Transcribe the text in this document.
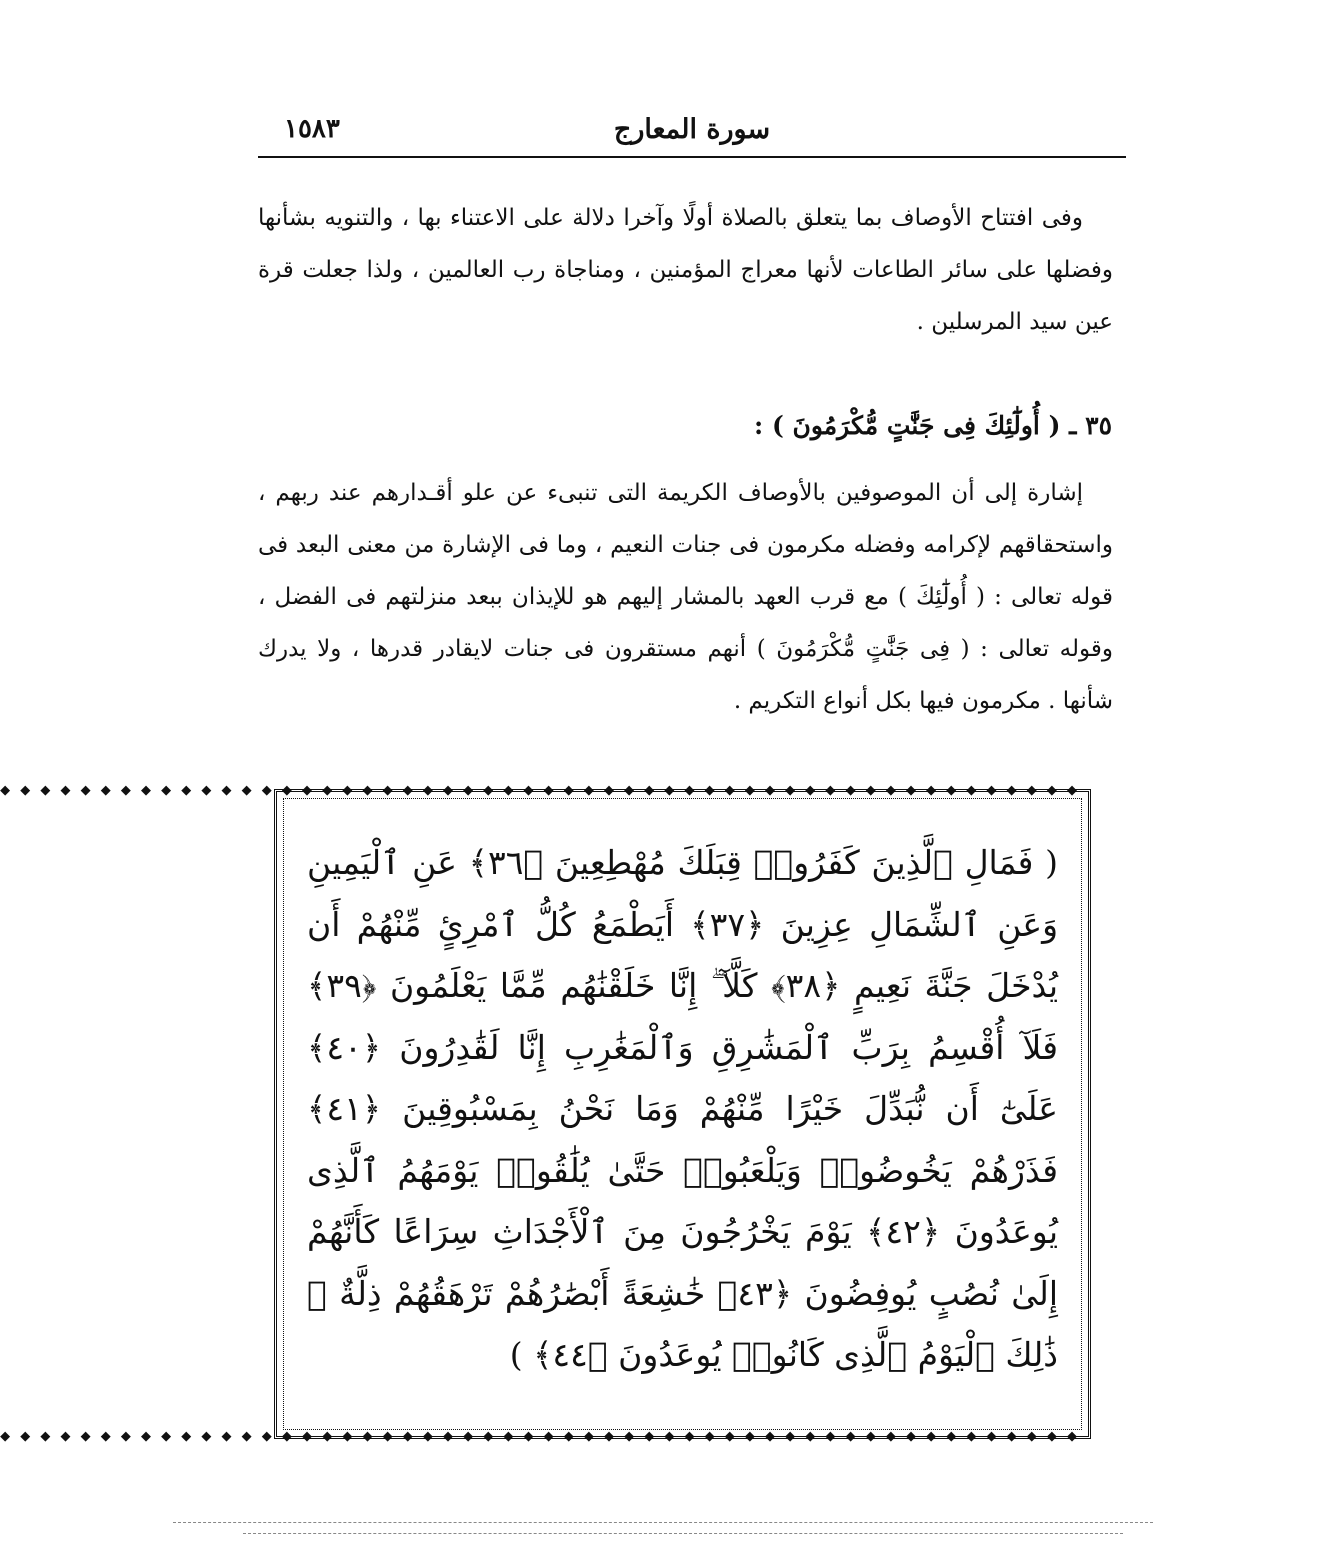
سورة المعارج
١٥٨٣

وفى افتتاح الأوصاف بما يتعلق بالصلاة أولًا وآخرا دلالة على الاعتناء بها ، والتنويه بشأنها وفضلها على سائر الطاعات لأنها معراج المؤمنين ، ومناجاة رب العالمين ، ولذا جعلت قرة عين سيد المرسلين .

٣٥ ـ ( أُولَٰٓئِكَ فِى جَنَّٰتٍ مُّكْرَمُونَ ) :

إشارة إلى أن الموصوفين بالأوصاف الكريمة التى تنبىء عن علو أقـدارهم عند ربهم ، واستحقاقهم لإكرامه وفضله مكرمون فى جنات النعيم ، وما فى الإشارة من معنى البعد فى قوله تعالى : ( أُولَٰٓئِكَ ) مع قرب العهد بالمشار إليهم هو للإيذان ببعد منزلتهم فى الفضل ، وقوله تعالى : ( فِى جَنَّٰتٍ مُّكْرَمُونَ ) أنهم مستقرون فى جنات لايقادر قدرها ، ولا يدرك شأنها . مكرمون فيها بكل أنواع التكريم .

◆ ◆ ◆ ◆ ◆ ◆ ◆ ◆ ◆ ◆ ◆ ◆ ◆ ◆ ◆ ◆ ◆ ◆ ◆ ◆ ◆ ◆ ◆ ◆ ◆ ◆ ◆ ◆ ◆ ◆ ◆ ◆ ◆ ◆ ◆ ◆ ◆ ◆ ◆ ◆ ◆ ◆ ◆ ◆ ◆ ◆ ◆ ◆ ◆ ◆ ◆ ◆ ◆ ◆
◆ ◆ ◆ ◆ ◆ ◆ ◆ ◆ ◆ ◆ ◆ ◆ ◆ ◆ ◆ ◆ ◆ ◆ ◆ ◆ ◆ ◆ ◆ ◆ ◆ ◆ ◆ ◆ ◆ ◆ ◆ ◆ ◆ ◆ ◆ ◆ ◆ ◆ ◆ ◆ ◆ ◆ ◆ ◆ ◆ ◆ ◆ ◆ ◆ ◆ ◆ ◆ ◆ ◆
( فَمَالِ ٱلَّذِينَ كَفَرُوا۟ قِبَلَكَ مُهْطِعِينَ ﴿٣٦﴾ عَنِ ٱلْيَمِينِ وَعَنِ ٱلشِّمَالِ عِزِينَ ﴿٣٧﴾ أَيَطْمَعُ كُلُّ ٱمْرِئٍ مِّنْهُمْ أَن يُدْخَلَ جَنَّةَ نَعِيمٍ ﴿٣٨﴾ كَلَّآ ۖ إِنَّا خَلَقْنَٰهُم مِّمَّا يَعْلَمُونَ ﴿٣٩﴾ فَلَآ أُقْسِمُ بِرَبِّ ٱلْمَشَٰرِقِ وَٱلْمَغَٰرِبِ إِنَّا لَقَٰدِرُونَ ﴿٤٠﴾ عَلَىٰٓ أَن نُّبَدِّلَ خَيْرًا مِّنْهُمْ وَمَا نَحْنُ بِمَسْبُوقِينَ ﴿٤١﴾ فَذَرْهُمْ يَخُوضُوا۟ وَيَلْعَبُوا۟ حَتَّىٰ يُلَٰقُوا۟ يَوْمَهُمُ ٱلَّذِى يُوعَدُونَ ﴿٤٢﴾ يَوْمَ يَخْرُجُونَ مِنَ ٱلْأَجْدَاثِ سِرَاعًا كَأَنَّهُمْ إِلَىٰ نُصُبٍ يُوفِضُونَ ﴿٤٣﴾ خَٰشِعَةً أَبْصَٰرُهُمْ تَرْهَقُهُمْ ذِلَّةٌ ۚ ذَٰلِكَ ٱلْيَوْمُ ٱلَّذِى كَانُوا۟ يُوعَدُونَ ﴿٤٤﴾ )
